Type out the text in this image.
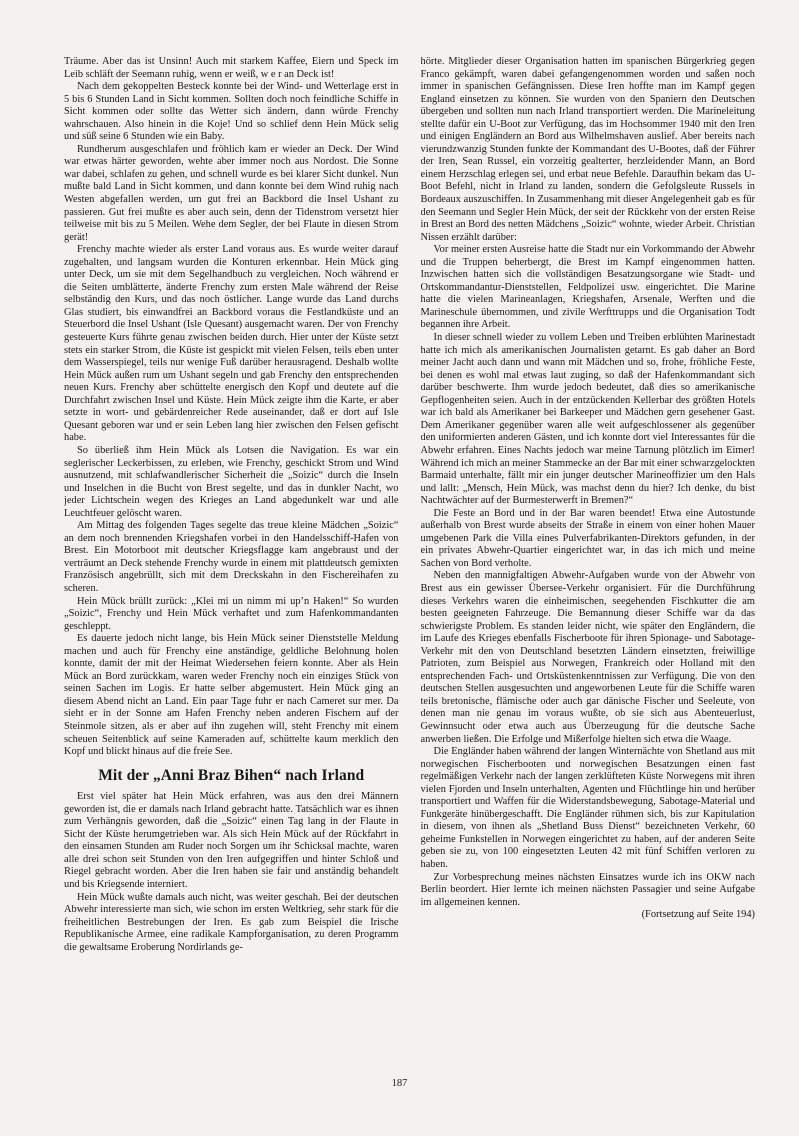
Träume. Aber das ist Unsinn! Auch mit starkem Kaffee, Eiern und Speck im Leib schläft der Seemann ruhig, wenn er weiß, w e r an Deck ist!

Nach dem gekoppelten Besteck konnte bei der Wind- und Wetterlage erst in 5 bis 6 Stunden Land in Sicht kommen. Sollten doch noch feindliche Schiffe in Sicht kommen oder sollte das Wetter sich ändern, dann würde Frenchy wahrschauen. Also hinein in die Koje! Und so schlief denn Hein Mück selig und süß seine 6 Stunden wie ein Baby.

Rundherum ausgeschlafen und fröhlich kam er wieder an Deck. Der Wind war etwas härter geworden, wehte aber immer noch aus Nordost. Die Sonne war dabei, schlafen zu gehen, und schnell wurde es bei klarer Sicht dunkel. Nun mußte bald Land in Sicht kommen, und dann konnte bei dem Wind ruhig nach Westen abgefallen werden, um gut frei an Backbord die Insel Ushant zu passieren. Gut frei mußte es aber auch sein, denn der Tidenstrom versetzt hier teilweise mit bis zu 5 Meilen. Wehe dem Segler, der bei Flaute in diesen Strom gerät!

Frenchy machte wieder als erster Land voraus aus. Es wurde weiter darauf zugehalten, und langsam wurden die Konturen erkennbar. Hein Mück ging unter Deck, um sie mit dem Segelhandbuch zu vergleichen. Noch während er die Seiten umblätterte, änderte Frenchy zum ersten Male während der Reise selbständig den Kurs, und das noch östlicher. Lange wurde das Land durchs Glas studiert, bis einwandfrei an Backbord voraus die Festlandküste und an Steuerbord die Insel Ushant (Isle Quesant) ausgemacht waren. Der von Frenchy gesteuerte Kurs führte genau zwischen beiden durch. Hier unter der Küste setzt stets ein starker Strom, die Küste ist gespickt mit vielen Felsen, teils eben unter dem Wasserspiegel, teils nur wenige Fuß darüber herausragend. Deshalb wollte Hein Mück außen rum um Ushant segeln und gab Frenchy den entsprechenden neuen Kurs. Frenchy aber schüttelte energisch den Kopf und deutete auf die Durchfahrt zwischen Insel und Küste. Hein Mück zeigte ihm die Karte, er aber setzte in wort- und gebärdenreicher Rede auseinander, daß er dort auf Isle Quesant geboren war und er sein Leben lang hier zwischen den Felsen gefischt habe.

So überließ ihm Hein Mück als Lotsen die Navigation. Es war ein seglerischer Leckerbissen, zu erleben, wie Frenchy, geschickt Strom und Wind ausnutzend, mit schlafwandlerischer Sicherheit die „Soizic“ durch die Inseln und Inselchen in die Bucht von Brest segelte, und das in dunkler Nacht, wo jeder Lichtschein wegen des Krieges an Land abgedunkelt war und alle Leuchtfeuer gelöscht waren.

Am Mittag des folgenden Tages segelte das treue kleine Mädchen „Soizic“ an dem noch brennenden Kriegshafen vorbei in den Handelsschiff-Hafen von Brest. Ein Motorboot mit deutscher Kriegsflagge kam angebraust und der verträumt an Deck stehende Frenchy wurde in einem mit plattdeutsch gemixten Französisch angebrüllt, sich mit dem Dreckskahn in den Fischereihafen zu scheren.

Hein Mück brüllt zurück: „Klei mi un nimm mi up’n Haken!“ So wurden „Soizic“, Frenchy und Hein Mück verhaftet und zum Hafenkommandanten geschleppt.

Es dauerte jedoch nicht lange, bis Hein Mück seiner Dienststelle Meldung machen und auch für Frenchy eine anständige, geldliche Belohnung holen konnte, damit der mit der Heimat Wiedersehen feiern konnte. Aber als Hein Mück an Bord zurückkam, waren weder Frenchy noch ein einziges Stück von seinen Sachen im Logis. Er hatte selber abgemustert. Hein Mück ging an diesem Abend nicht an Land. Ein paar Tage fuhr er nach Cameret sur mer. Da sieht er in der Sonne am Hafen Frenchy neben anderen Fischern auf der Steinmole sitzen, als er aber auf ihn zugehen will, steht Frenchy mit einem scheuen Seitenblick auf seine Kameraden auf, schüttelte kaum merklich den Kopf und blickt hinaus auf die freie See.

Mit der „Anni Braz Bihen“ nach Irland

Erst viel später hat Hein Mück erfahren, was aus den drei Männern geworden ist, die er damals nach Irland gebracht hatte. Tatsächlich war es ihnen zum Verhängnis geworden, daß die „Soizic“ einen Tag lang in der Flaute in Sicht der Küste herumgetrieben war. Als sich Hein Mück auf der Rückfahrt in den einsamen Stunden am Ruder noch Sorgen um ihr Schicksal machte, waren alle drei schon seit Stunden von den Iren aufgegriffen und hinter Schloß und Riegel gebracht worden. Aber die Iren haben sie fair und anständig behandelt und bis Kriegsende interniert.

Hein Mück wußte damals auch nicht, was weiter geschah. Bei der deutschen Abwehr interessierte man sich, wie schon im ersten Weltkrieg, sehr stark für die freiheitlichen Bestrebungen der Iren. Es gab zum Beispiel die Irische Republikanische Armee, eine radikale Kampforganisation, zu deren Programm die gewaltsame Eroberung Nordirlands ge-

hörte. Mitglieder dieser Organisation hatten im spanischen Bürgerkrieg gegen Franco gekämpft, waren dabei gefangengenommen worden und saßen noch immer in spanischen Gefängnissen. Diese Iren hoffte man im Kampf gegen England einsetzen zu können. Sie wurden von den Spaniern den Deutschen übergeben und sollten nun nach Irland transportiert werden. Die Marineleitung stellte dafür ein U-Boot zur Verfügung, das im Hochsommer 1940 mit den Iren und einigen Engländern an Bord aus Wilhelmshaven auslief. Aber bereits nach vierundzwanzig Stunden funkte der Kommandant des U-Bootes, daß der Führer der Iren, Sean Russel, ein vorzeitig gealterter, herzleidender Mann, an Bord einem Herzschlag erlegen sei, und erbat neue Befehle. Daraufhin bekam das U-Boot Befehl, nicht in Irland zu landen, sondern die Gefolgsleute Russels in Bordeaux auszuschiffen. In Zusammenhang mit dieser Angelegenheit gab es für den Seemann und Segler Hein Mück, der seit der Rückkehr von der ersten Reise in Brest an Bord des netten Mädchens „Soizic“ wohnte, wieder Arbeit. Christian Nissen erzählt darüber:

Vor meiner ersten Ausreise hatte die Stadt nur ein Vorkommando der Abwehr und die Truppen beherbergt, die Brest im Kampf eingenommen hatten. Inzwischen hatten sich die vollständigen Besatzungsorgane wie Stadt- und Ortskommandantur-Dienststellen, Feldpolizei usw. eingerichtet. Die Marine hatte die vielen Marineanlagen, Kriegshafen, Arsenale, Werften und die Marineschule übernommen, und zivile Werfttrupps und die Organisation Todt begannen ihre Arbeit.

In dieser schnell wieder zu vollem Leben und Treiben erblühten Marinestadt hatte ich mich als amerikanischen Journalisten getarnt. Es gab daher an Bord meiner Jacht auch dann und wann mit Mädchen und so, frohe, fröhliche Feste, bei denen es wohl mal etwas laut zuging, so daß der Hafenkommandant sich darüber beschwerte. Ihm wurde jedoch bedeutet, daß dies so amerikanische Gepflogenheiten seien. Auch in der entzückenden Kellerbar des größten Hotels war ich bald als Amerikaner bei Barkeeper und Mädchen gern gesehener Gast. Dem Amerikaner gegenüber waren alle weit aufgeschlossener als gegenüber den uniformierten anderen Gästen, und ich konnte dort viel Interessantes für die Abwehr erfahren. Eines Nachts jedoch war meine Tarnung plötzlich im Eimer! Während ich mich an meiner Stammecke an der Bar mit einer schwarzgelockten Barmaid unterhalte, fällt mir ein junger deutscher Marineoffizier um den Hals und lallt: „Mensch, Hein Mück, was machst denn du hier? Ich denke, du bist Nachtwächter auf der Burmesterwerft in Bremen?“

Die Feste an Bord und in der Bar waren beendet! Etwa eine Autostunde außerhalb von Brest wurde abseits der Straße in einem von einer hohen Mauer umgebenen Park die Villa eines Pulverfabrikanten-Direktors gefunden, in der ein privates Abwehr-Quartier eingerichtet war, in das ich mich und meine Sachen von Bord verholte.

Neben den mannigfaltigen Abwehr-Aufgaben wurde von der Abwehr von Brest aus ein gewisser Übersee-Verkehr organisiert. Für die Durchführung dieses Verkehrs waren die einheimischen, seegehenden Fischkutter die am besten geeigneten Fahrzeuge. Die Bemannung dieser Schiffe war da das schwierigste Problem. Es standen leider nicht, wie später den Engländern, die im Laufe des Krieges ebenfalls Fischerboote für ihren Spionage- und Sabotage-Verkehr mit den von Deutschland besetzten Ländern einsetzten, freiwillige Patrioten, zum Beispiel aus Norwegen, Frankreich oder Holland mit den entsprechenden Fach- und Ortsküstenkenntnissen zur Verfügung. Die von den deutschen Stellen ausgesuchten und angeworbenen Leute für die Schiffe waren teils bretonische, flämische oder auch gar dänische Fischer und Seeleute, von denen man nie genau im voraus wußte, ob sie sich aus Abenteuerlust, Gewinnsucht oder etwa auch aus Überzeugung für die deutsche Sache anwerben ließen. Die Erfolge und Mißerfolge hielten sich etwa die Waage.

Die Engländer haben während der langen Winternächte von Shetland aus mit norwegischen Fischerbooten und norwegischen Besatzungen einen fast regelmäßigen Verkehr nach der langen zerklüfteten Küste Norwegens mit ihren vielen Fjorden und Inseln unterhalten, Agenten und Flüchtlinge hin und herüber transportiert und Waffen für die Widerstandsbewegung, Sabotage-Material und Funkgeräte hinübergeschafft. Die Engländer rühmen sich, bis zur Kapitulation in diesem, von ihnen als „Shetland Buss Dienst“ bezeichneten Verkehr, 60 geheime Funkstellen in Norwegen eingerichtet zu haben, auf der anderen Seite geben sie zu, von 100 eingesetzten Leuten 42 mit fünf Schiffen verloren zu haben.

Zur Vorbesprechung meines nächsten Einsatzes wurde ich ins OKW nach Berlin beordert. Hier lernte ich meinen nächsten Passagier und seine Aufgabe im allgemeinen kennen.

(Fortsetzung auf Seite 194)

187
